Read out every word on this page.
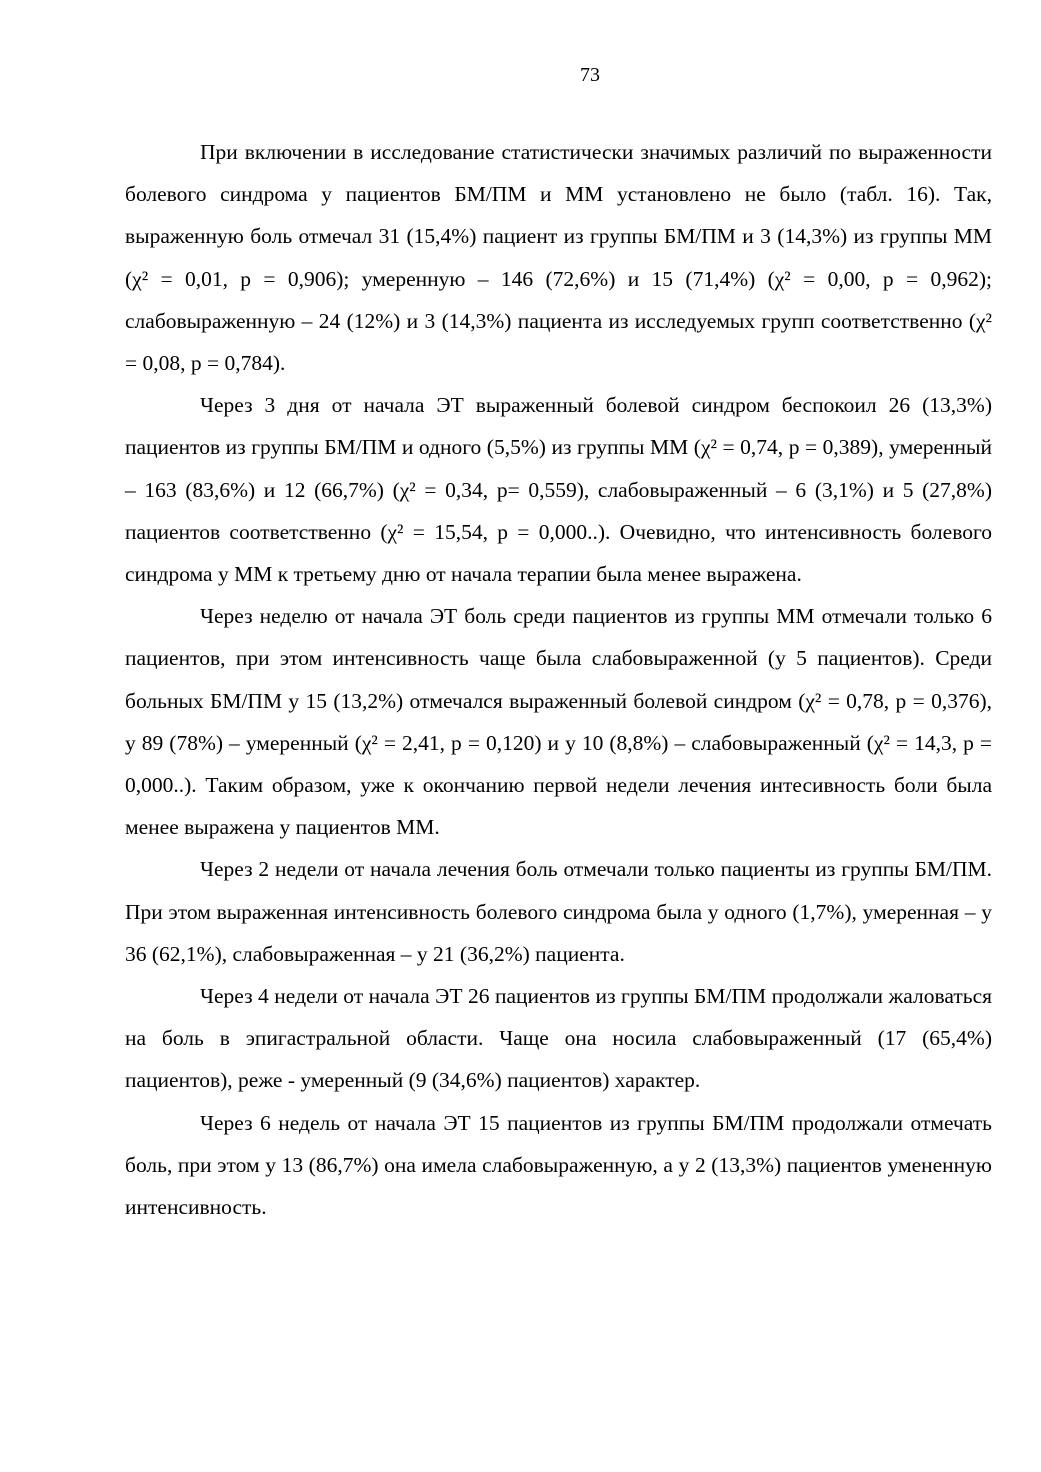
73

При включении в исследование статистически значимых различий по выраженности болевого синдрома у пациентов БМ/ПМ и ММ установлено не было (табл. 16). Так, выраженную боль отмечал 31 (15,4%) пациент из группы БМ/ПМ и 3 (14,3%) из группы ММ (χ² = 0,01, p = 0,906); умеренную – 146 (72,6%) и 15 (71,4%) (χ² = 0,00, p = 0,962); слабовыраженную – 24 (12%) и 3 (14,3%) пациента из исследуемых групп соответственно (χ² = 0,08, p = 0,784).

Через 3 дня от начала ЭТ выраженный болевой синдром беспокоил 26 (13,3%) пациентов из группы БМ/ПМ и одного (5,5%) из группы ММ (χ² = 0,74, p = 0,389), умеренный – 163 (83,6%) и 12 (66,7%) (χ² = 0,34, p= 0,559), слабовыраженный – 6 (3,1%) и 5 (27,8%) пациентов соответственно (χ² = 15,54, p = 0,000..). Очевидно, что интенсивность болевого синдрома у ММ к третьему дню от начала терапии была менее выражена.

Через неделю от начала ЭТ боль среди пациентов из группы ММ отмечали только 6 пациентов, при этом интенсивность чаще была слабовыраженной (у 5 пациентов). Среди больных БМ/ПМ у 15 (13,2%) отмечался выраженный болевой синдром (χ² = 0,78, p = 0,376), у 89 (78%) – умеренный (χ² = 2,41, p = 0,120) и у 10 (8,8%) – слабовыраженный (χ² = 14,3, p = 0,000..). Таким образом, уже к окончанию первой недели лечения интесивность боли была менее выражена у пациентов ММ.

Через 2 недели от начала лечения боль отмечали только пациенты из группы БМ/ПМ. При этом выраженная интенсивность болевого синдрома была у одного (1,7%), умеренная – у 36 (62,1%), слабовыраженная – у 21 (36,2%) пациента.

Через 4 недели от начала ЭТ 26 пациентов из группы БМ/ПМ продолжали жаловаться на боль в эпигастральной области. Чаще она носила слабовыраженный (17 (65,4%) пациентов), реже - умеренный (9 (34,6%) пациентов) характер.

Через 6 недель от начала ЭТ 15 пациентов из группы БМ/ПМ продолжали отмечать боль, при этом у 13 (86,7%) она имела слабовыраженную, а у 2 (13,3%) пациентов умененную интенсивность.
